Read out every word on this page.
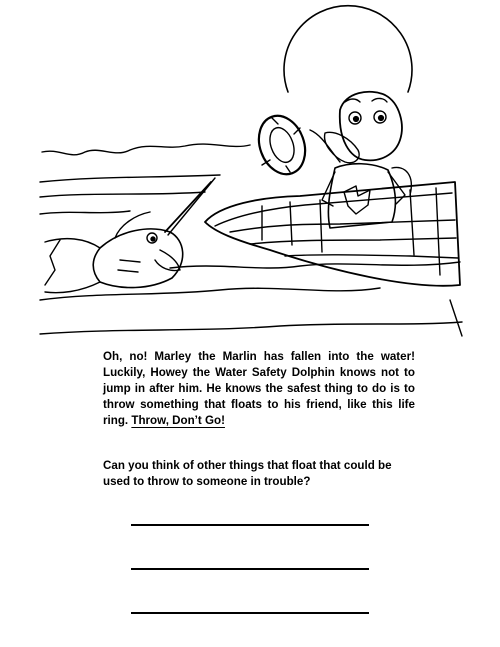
Oh, no! Marley the Marlin has fallen into the water! Luckily, Howey the Water Safety Dolphin knows not to jump in after him. He knows the safest thing to do is to throw something that floats to his friend, like this life ring. Throw, Don’t Go!

Can you think of other things that float that could be used to throw to someone in trouble?
